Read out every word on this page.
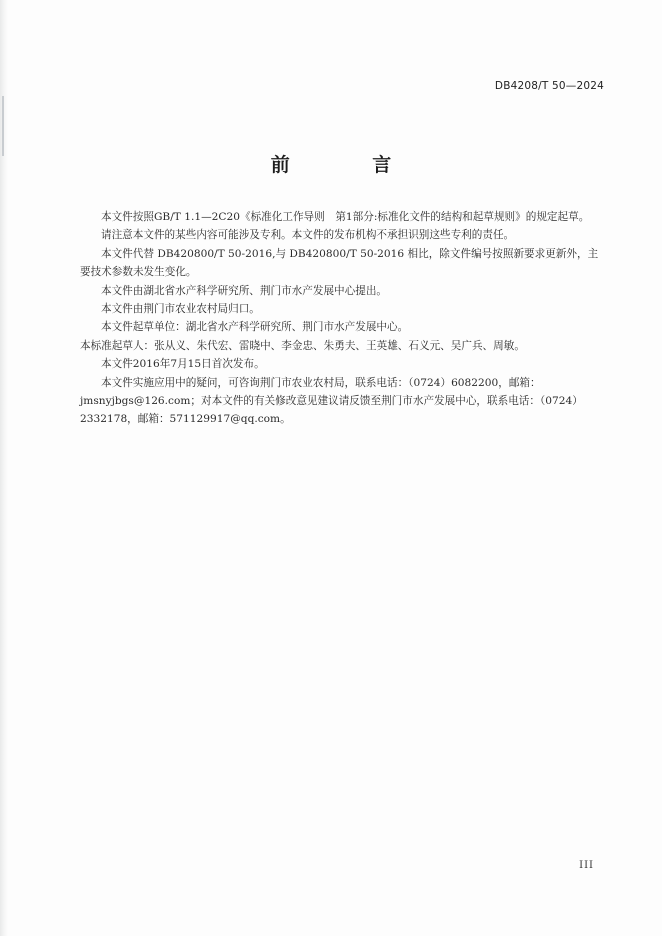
DB4208/T 50—2024
前 言

本文件按照GB/T 1.1—2C20《标准化工作导则　第1部分:标准化文件的结构和起草规则》的规定起草。

请注意本文件的某些内容可能涉及专利。本文件的发布机构不承担识别这些专利的责任。

本文件代替 DB420800/T 50-2016,与 DB420800/T 50-2016 相比，除文件编号按照新要求更新外，主要技术参数未发生变化。

本文件由湖北省水产科学研究所、荆门市水产发展中心提出。

本文件由荆门市农业农村局归口。

本文件起草单位：湖北省水产科学研究所、荆门市水产发展中心。

本标准起草人：张从义、朱代宏、雷晓中、李金忠、朱勇夫、王英雄、石义元、吴广兵、周敏。

本文件2016年7月15日首次发布。

本文件实施应用中的疑问，可咨询荆门市农业农村局，联系电话：（0724）6082200，邮箱：jmsnyjbgs@126.com；对本文件的有关修改意见建议请反馈至荆门市水产发展中心，联系电话：（0724）2332178，邮箱：571129917@qq.com。

III
